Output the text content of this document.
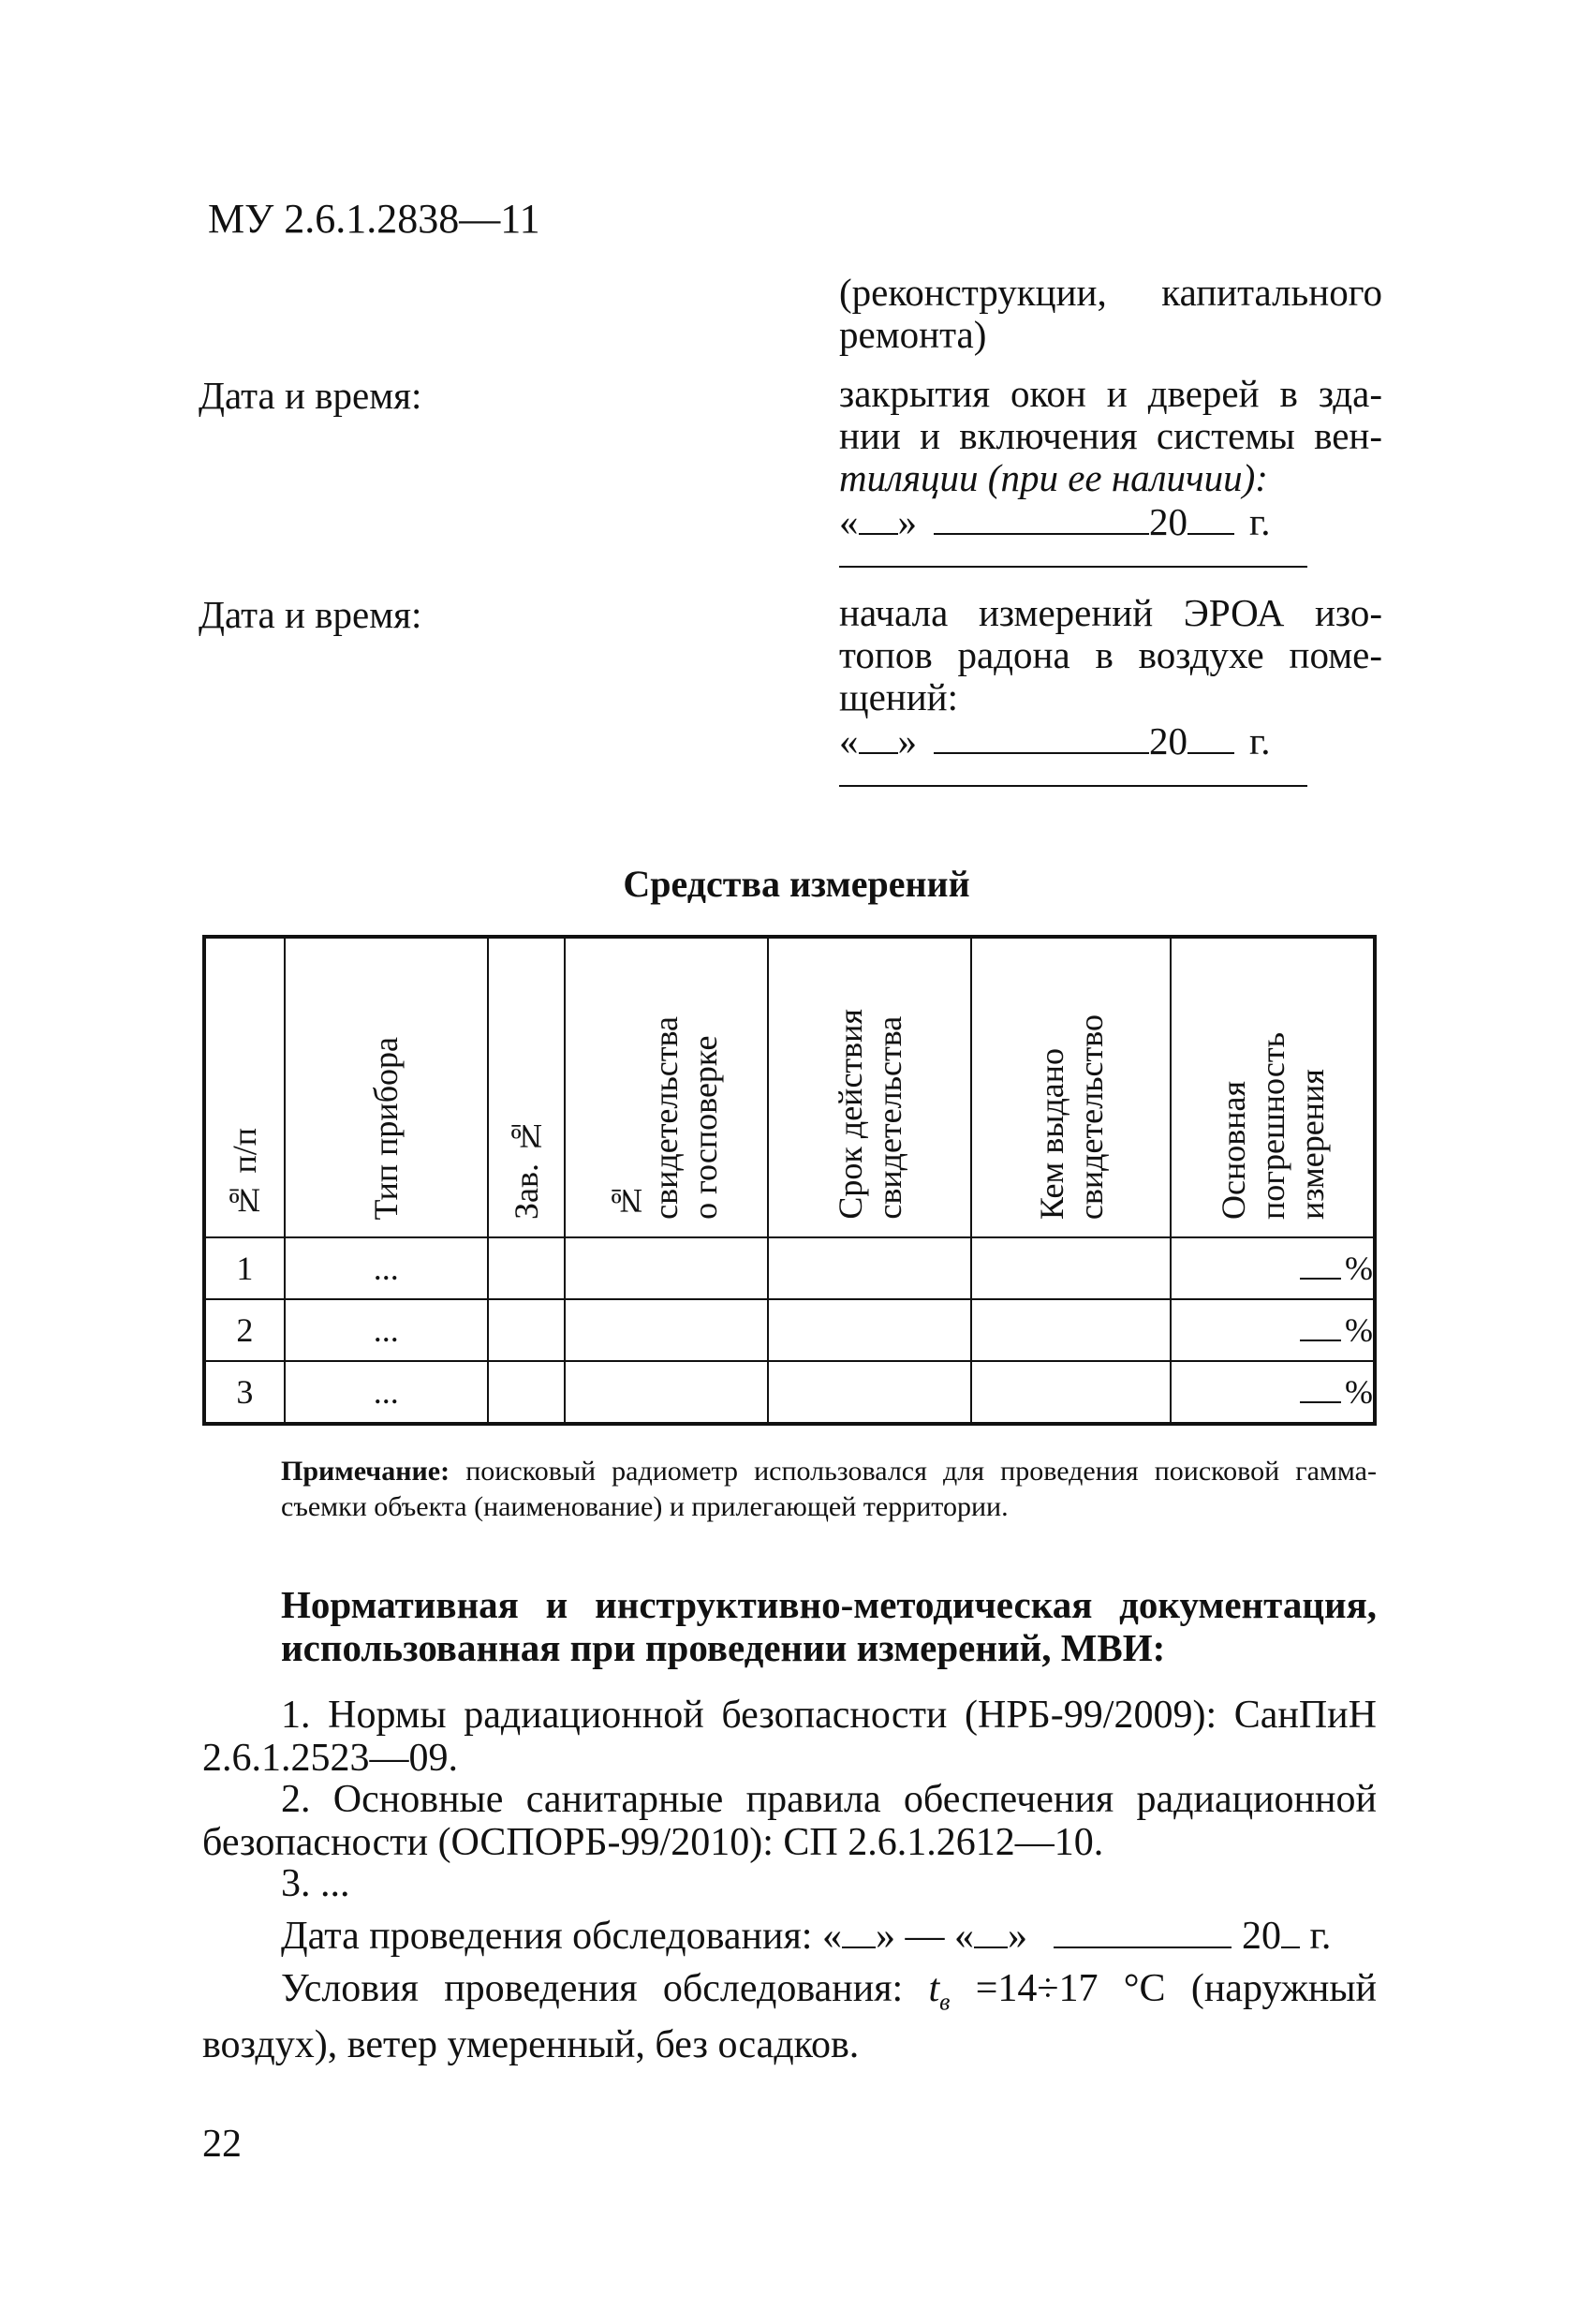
МУ 2.6.1.2838—11
(реконструкции, капитального
ремонта)
Дата и время:	закрытия окон и дверей в зда-
нии и включения системы вен-
тиляции (при ее наличии):
« »	20 г.
Дата и время:	начала измерений ЭРОА изо-
топов радона в воздухе поме-
щений:
« »	20 г.
Средства измерений
№ п/п	Тип прибора	Зав. №	№
свидетельства
о госповерке	Срок действия
свидетельства	Кем выдано
свидетельство	Основная
погрешность
измерения

1	...					%
2	...					%
3	...					%
Примечание: поисковый радиометр использовался для проведения поисковой гамма-съемки объекта (наименование) и прилегающей территории.
Нормативная и инструктивно-методическая документация, использованная при проведении измерений, МВИ:
1. Нормы радиационной безопасности (НРБ-99/2009): СанПиН 2.6.1.2523—09.
2. Основные санитарные правила обеспечения радиационной безопасности (ОСПОРБ-99/2010): СП 2.6.1.2612—10.
3. ...
Дата проведения обследования: « » — « »	20 г.
Условия проведения обследования: $t_в =14\div 17$ °C (наружный воздух), ветер умеренный, без осадков.
22
